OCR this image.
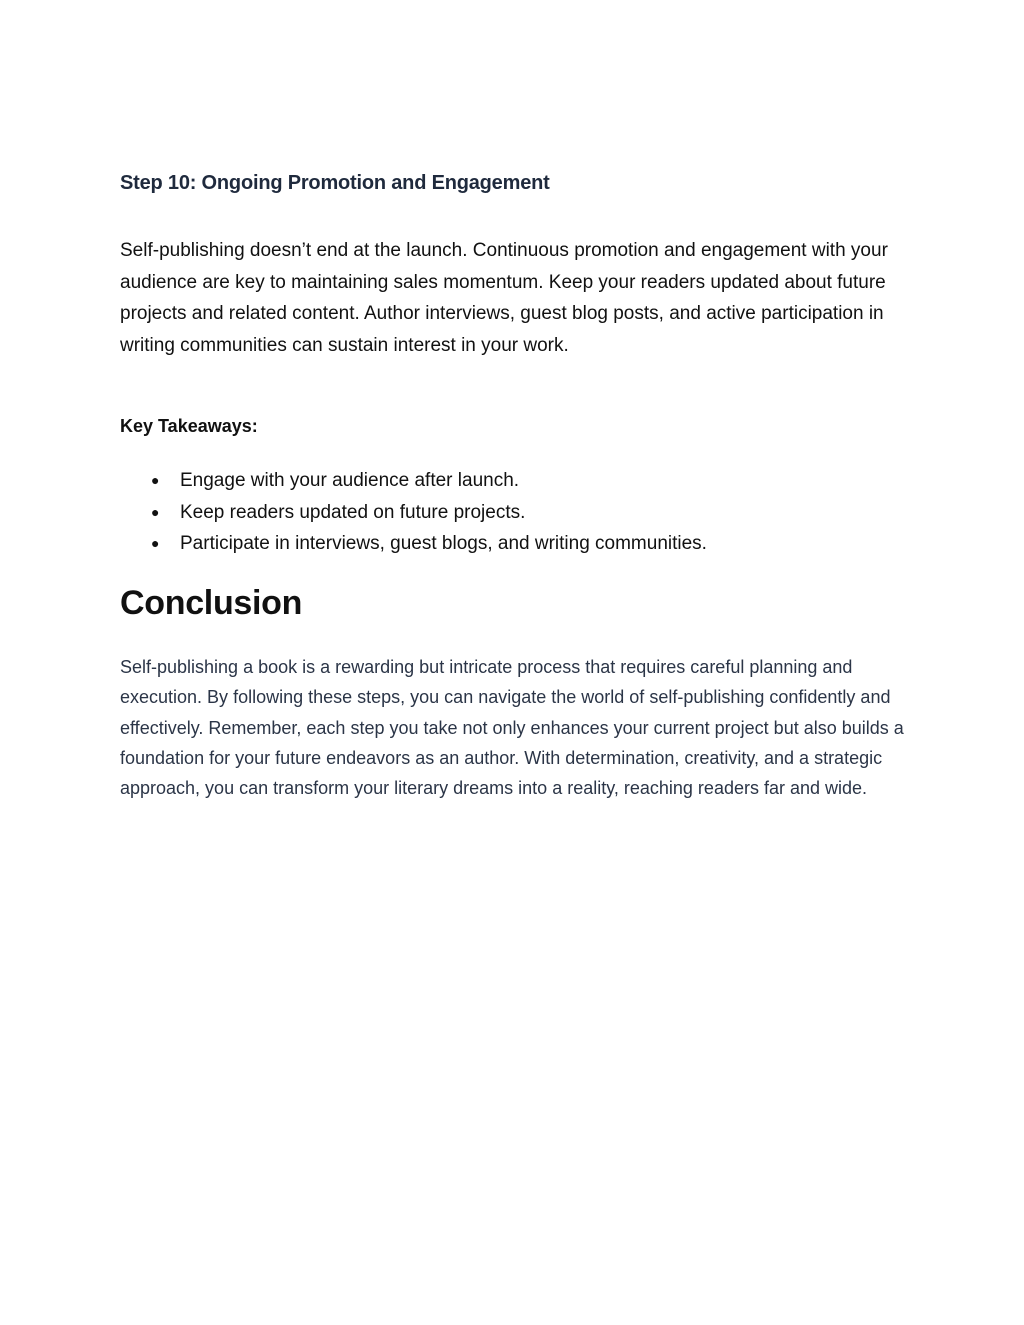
Step 10: Ongoing Promotion and Engagement

Self-publishing doesn’t end at the launch. Continuous promotion and engagement with your audience are key to maintaining sales momentum. Keep your readers updated about future projects and related content. Author interviews, guest blog posts, and active participation in writing communities can sustain interest in your work.

Key Takeaways:

● Engage with your audience after launch.
● Keep readers updated on future projects.
● Participate in interviews, guest blogs, and writing communities.
Conclusion

Self-publishing a book is a rewarding but intricate process that requires careful planning and execution. By following these steps, you can navigate the world of self-publishing confidently and effectively. Remember, each step you take not only enhances your current project but also builds a foundation for your future endeavors as an author. With determination, creativity, and a strategic approach, you can transform your literary dreams into a reality, reaching readers far and wide.
